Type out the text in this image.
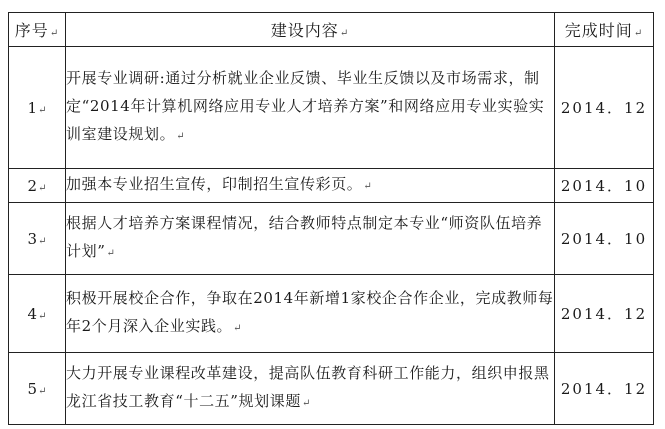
序号↵	建设内容↵	完成时间↵
1↵	开展专业调研:通过分析就业企业反馈、毕业生反馈以及市场需求，制定“2014年计算机网络应用专业人才培养方案”和网络应用专业实验实训室建设规划。↵	2014．12
2↵	加强本专业招生宣传，印制招生宣传彩页。↵	2014．10
3↵	根据人才培养方案课程情况，结合教师特点制定本专业“师资队伍培养计划”↵	2014．10
4↵	积极开展校企合作，争取在2014年新增1家校企合作企业，完成教师每年2个月深入企业实践。↵	2014．12
5↵	大力开展专业课程改革建设，提高队伍教育科研工作能力，组织申报黑龙江省技工教育“十二五”规划课题↵	2014．12
